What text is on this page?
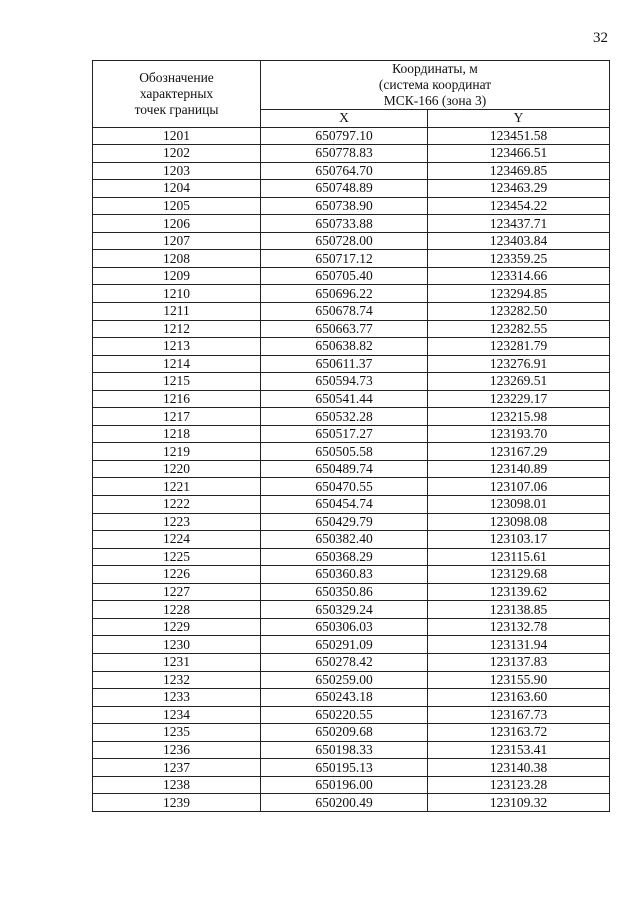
32
Обозначение
характерных
точек границы	Координаты, м
(система координат
МСК-166 (зона 3)	
	X	Y
1201	650797.10	123451.58
1202	650778.83	123466.51
1203	650764.70	123469.85
1204	650748.89	123463.29
1205	650738.90	123454.22
1206	650733.88	123437.71
1207	650728.00	123403.84
1208	650717.12	123359.25
1209	650705.40	123314.66
1210	650696.22	123294.85
1211	650678.74	123282.50
1212	650663.77	123282.55
1213	650638.82	123281.79
1214	650611.37	123276.91
1215	650594.73	123269.51
1216	650541.44	123229.17
1217	650532.28	123215.98
1218	650517.27	123193.70
1219	650505.58	123167.29
1220	650489.74	123140.89
1221	650470.55	123107.06
1222	650454.74	123098.01
1223	650429.79	123098.08
1224	650382.40	123103.17
1225	650368.29	123115.61
1226	650360.83	123129.68
1227	650350.86	123139.62
1228	650329.24	123138.85
1229	650306.03	123132.78
1230	650291.09	123131.94
1231	650278.42	123137.83
1232	650259.00	123155.90
1233	650243.18	123163.60
1234	650220.55	123167.73
1235	650209.68	123163.72
1236	650198.33	123153.41
1237	650195.13	123140.38
1238	650196.00	123123.28
1239	650200.49	123109.32
